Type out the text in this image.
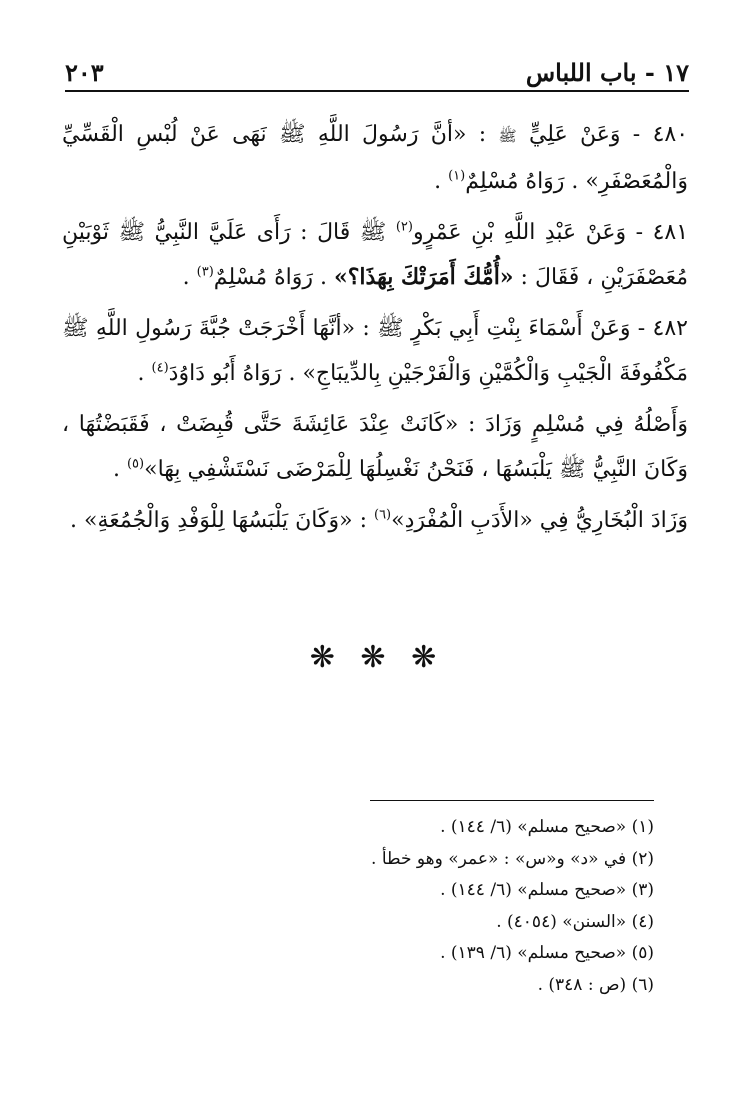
١٧ - باب اللباس
٢٠٣

٤٨٠ - وَعَنْ عَلِيٍّ ﷺ : «أنَّ رَسُولَ اللَّهِ ﷺ نَهَى عَنْ لُبْسِ الْقَسِّيِّ وَالْمُعَصْفَرِ» . رَوَاهُ مُسْلِمٌ$^{(١)}$ .

٤٨١ - وَعَنْ عَبْدِ اللَّهِ بْنِ عَمْرٍو$^{(٢)}$ ﷺ قَالَ : رَأَى عَلَيَّ النَّبِيُّ ﷺ ثَوْبَيْنِ مُعَصْفَرَيْنِ ، فَقَالَ : «أُمُّكَ أَمَرَتْكَ بِهَذَا؟» . رَوَاهُ مُسْلِمٌ$^{(٣)}$ .

٤٨٢ - وَعَنْ أَسْمَاءَ بِنْتِ أَبِي بَكْرٍ ﷺ : «أنَّهَا أَخْرَجَتْ جُبَّةَ رَسُولِ اللَّهِ ﷺ مَكْفُوفَةَ الْجَيْبِ وَالْكُمَّيْنِ وَالْفَرْجَيْنِ بِالدِّيبَاجِ» . رَوَاهُ أَبُو دَاوُدَ$^{(٤)}$ .

وَأَصْلُهُ فِي مُسْلِمٍ وَزَادَ : «كَانَتْ عِنْدَ عَائِشَةَ حَتَّى قُبِضَتْ ، فَقَبَضْتُهَا ، وَكَانَ النَّبِيُّ ﷺ يَلْبَسُهَا ، فَنَحْنُ نَغْسِلُهَا لِلْمَرْضَى نَسْتَشْفِي بِهَا»$^{(٥)}$ .

وَزَادَ الْبُخَارِيُّ فِي «الأَدَبِ الْمُفْرَدِ»$^{(٦)}$ : «وَكَانَ يَلْبَسُهَا لِلْوَفْدِ وَالْجُمُعَةِ» .

❋ ❋ ❋
(١) «صحيح مسلم» (٦/ ١٤٤) .
(٢) في «د» و«س» : «عمر» وهو خطأ .
(٣) «صحيح مسلم» (٦/ ١٤٤) .
(٤) «السنن» (٤٠٥٤) .
(٥) «صحيح مسلم» (٦/ ١٣٩) .
(٦) (ص : ٣٤٨) .
